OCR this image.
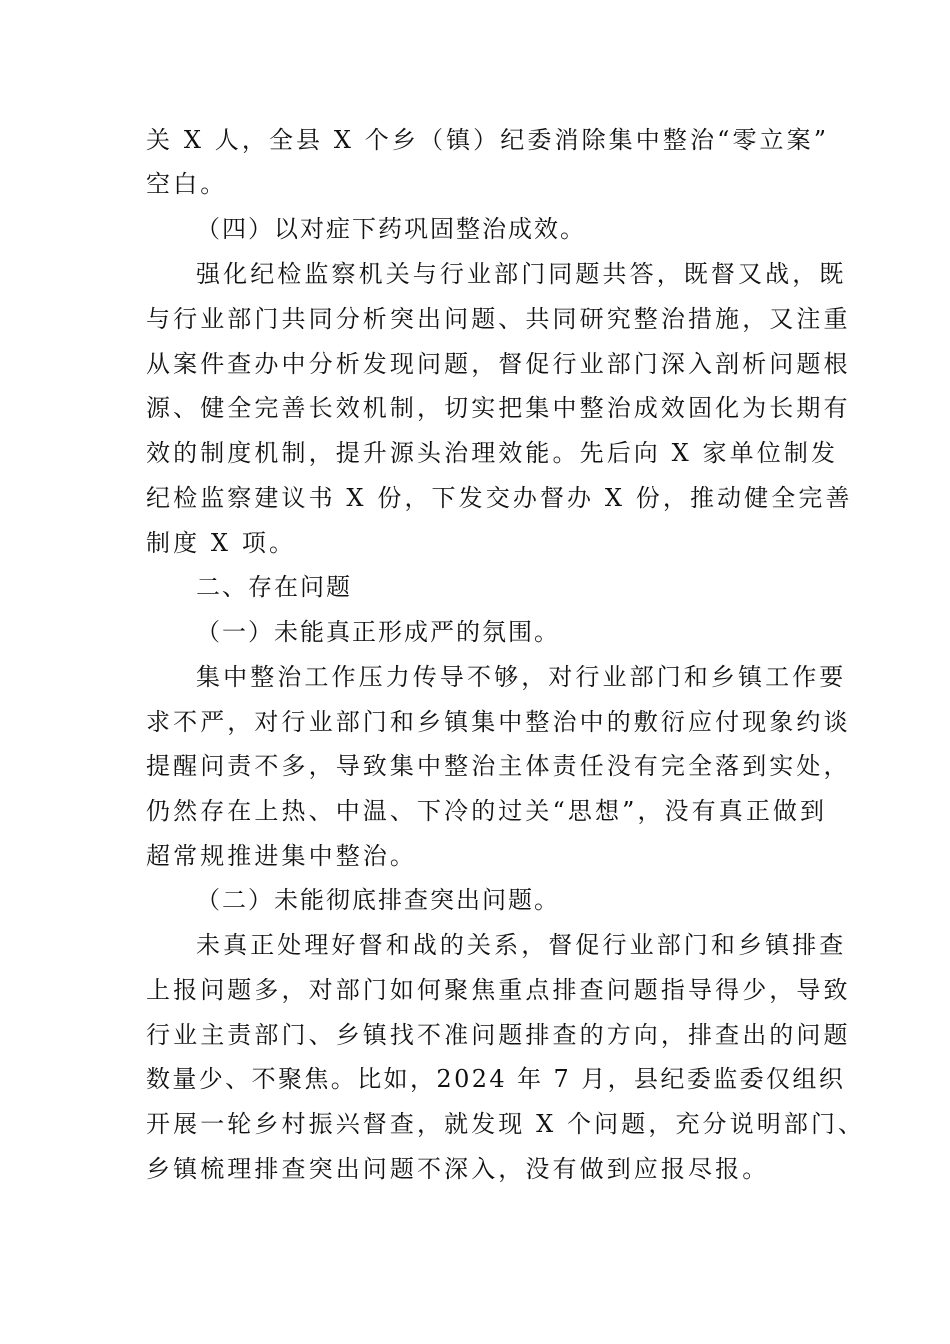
关 X 人，全县 X 个乡（镇）纪委消除集中整治“零立案”
空白。
（四）以对症下药巩固整治成效。
强化纪检监察机关与行业部门同题共答，既督又战，既
与行业部门共同分析突出问题、共同研究整治措施，又注重
从案件查办中分析发现问题，督促行业部门深入剖析问题根
源、健全完善长效机制，切实把集中整治成效固化为长期有
效的制度机制，提升源头治理效能。先后向 X 家单位制发
纪检监察建议书 X 份，下发交办督办 X 份，推动健全完善
制度 X 项。
二、存在问题
（一）未能真正形成严的氛围。
集中整治工作压力传导不够，对行业部门和乡镇工作要
求不严，对行业部门和乡镇集中整治中的敷衍应付现象约谈
提醒问责不多，导致集中整治主体责任没有完全落到实处，
仍然存在上热、中温、下冷的过关“思想”，没有真正做到
超常规推进集中整治。
（二）未能彻底排查突出问题。
未真正处理好督和战的关系，督促行业部门和乡镇排查
上报问题多，对部门如何聚焦重点排查问题指导得少，导致
行业主责部门、乡镇找不准问题排查的方向，排查出的问题
数量少、不聚焦。比如，2024 年 7 月，县纪委监委仅组织
开展一轮乡村振兴督查，就发现 X 个问题，充分说明部门、
乡镇梳理排查突出问题不深入，没有做到应报尽报。
